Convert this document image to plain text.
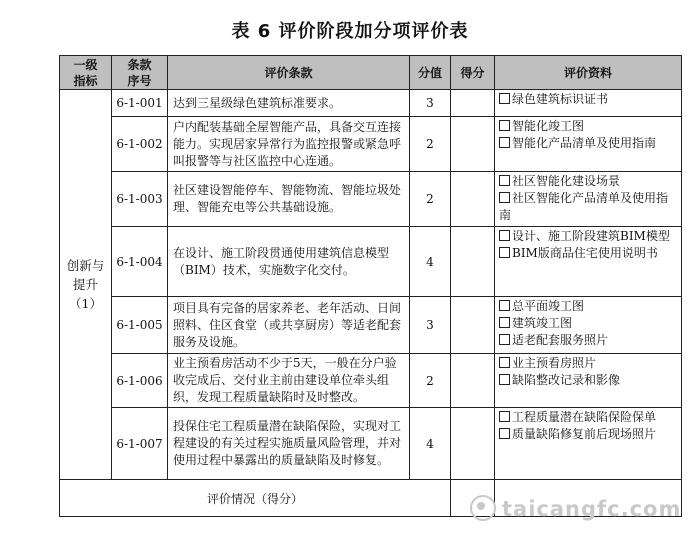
表 6 评价阶段加分项评价表
一级指标	条款序号	评价条款	分值	得分	评价资料
创新与
提升
（1）	6-1-001	达到三星级绿色建筑标准要求。	3		绿色建筑标识证书

	6-1-002	户内配装基础全屋智能产品，具备交互连接能力。实现居家异常行为监控报警或紧急呼叫报警等与社区监控中心连通。	2		智能化竣工图
智能化产品清单及使用指南

	6-1-003	社区建设智能停车、智能物流、智能垃圾处理、智能充电等公共基础设施。	2		社区智能化建设场景
社区智能化产品清单及使用指南

	6-1-004	在设计、施工阶段贯通使用建筑信息模型（BIM）技术，实施数字化交付。	4		设计、施工阶段建筑BIM模型
BIM版商品住宅使用说明书

	6-1-005	项目具有完备的居家养老、老年活动、日间照料、住区食堂（或共享厨房）等适老配套服务及设施。	3		总平面竣工图
建筑竣工图
适老配套服务照片

	6-1-006	业主预看房活动不少于5天，一般在分户验收完成后、交付业主前由建设单位牵头组织，发现工程质量缺陷时及时整改。	2		业主预看房照片
缺陷整改记录和影像

	6-1-007	投保住宅工程质量潜在缺陷保险，实现对工程建设的有关过程实施质量风险管理，并对使用过程中暴露出的质量缺陷及时修复。	4		工程质量潜在缺陷保险保单
质量缺陷修复前后现场照片

评价情况（得分）						taicangfc.com
